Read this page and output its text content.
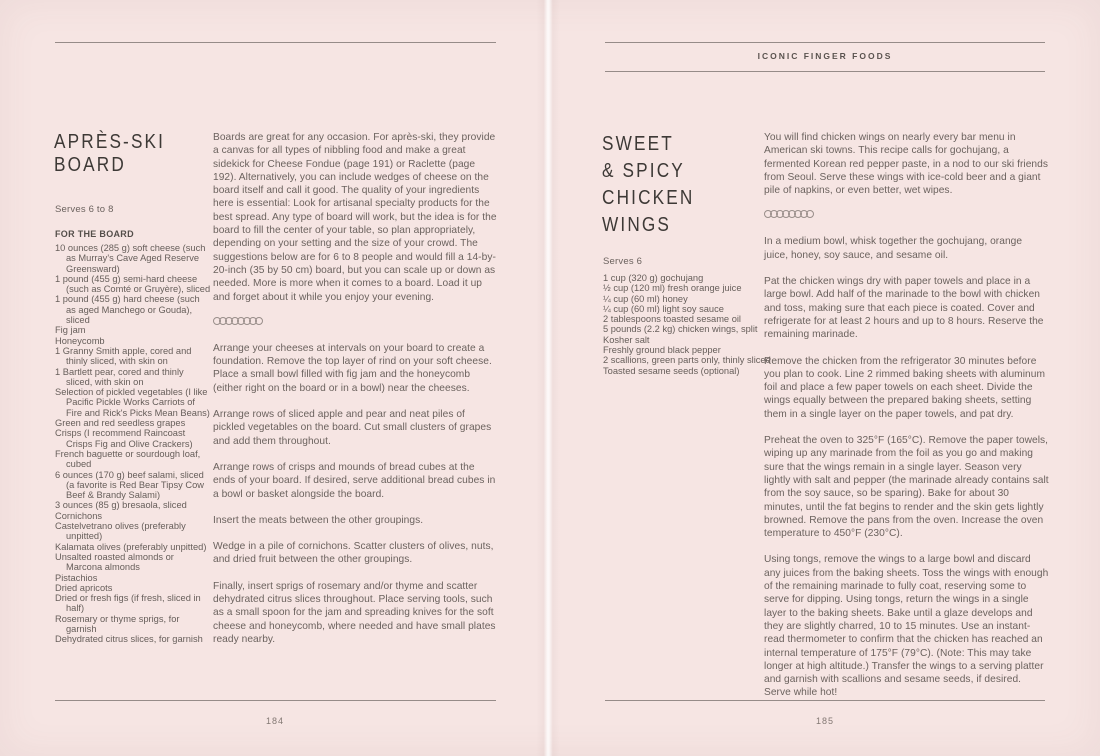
APRÈS-SKI
BOARD
Serves 6 to 8
FOR THE BOARD
10 ounces (285 g) soft cheese (such as Murray's Cave Aged Reserve Greensward)
1 pound (455 g) semi-hard cheese (such as Comté or Gruyère), sliced
1 pound (455 g) hard cheese (such as aged Manchego or Gouda), sliced
Fig jam
Honeycomb
1 Granny Smith apple, cored and thinly sliced, with skin on
1 Bartlett pear, cored and thinly sliced, with skin on
Selection of pickled vegetables (I like Pacific Pickle Works Carriots of Fire and Rick's Picks Mean Beans)
Green and red seedless grapes
Crisps (I recommend Raincoast Crisps Fig and Olive Crackers)
French baguette or sourdough loaf, cubed
6 ounces (170 g) beef salami, sliced (a favorite is Red Bear Tipsy Cow Beef & Brandy Salami)
3 ounces (85 g) bresaola, sliced
Cornichons
Castelvetrano olives (preferably unpitted)
Kalamata olives (preferably unpitted)
Unsalted roasted almonds or Marcona almonds
Pistachios
Dried apricots
Dried or fresh figs (if fresh, sliced in half)
Rosemary or thyme sprigs, for garnish
Dehydrated citrus slices, for garnish

Boards are great for any occasion. For après-ski, they provide a canvas for all types of nibbling food and make a great sidekick for Cheese Fondue (page 191) or Raclette (page 192). Alternatively, you can include wedges of cheese on the board itself and call it good. The quality of your ingredients here is essential: Look for artisanal specialty products for the best spread. Any type of board will work, but the idea is for the board to fill the center of your table, so plan appropriately, depending on your setting and the size of your crowd. The suggestions below are for 6 to 8 people and would fill a 14-by-20-inch (35 by 50 cm) board, but you can scale up or down as needed. More is more when it comes to a board. Load it up and forget about it while you enjoy your evening.

Arrange your cheeses at intervals on your board to create a foundation. Remove the top layer of rind on your soft cheese. Place a small bowl filled with fig jam and the honeycomb (either right on the board or in a bowl) near the cheeses.

Arrange rows of sliced apple and pear and neat piles of pickled vegetables on the board. Cut small clusters of grapes and add them throughout.

Arrange rows of crisps and mounds of bread cubes at the ends of your board. If desired, serve additional bread cubes in a bowl or basket alongside the board.

Insert the meats between the other groupings.

Wedge in a pile of cornichons. Scatter clusters of olives, nuts, and dried fruit between the other groupings.

Finally, insert sprigs of rosemary and/or thyme and scatter dehydrated citrus slices throughout. Place serving tools, such as a small spoon for the jam and spreading knives for the soft cheese and honeycomb, where needed and have small plates ready nearby.

184
ICONIC FINGER FOODS
SWEET
& SPICY
CHICKEN
WINGS
Serves 6
1 cup (320 g) gochujang
½ cup (120 ml) fresh orange juice
¼ cup (60 ml) honey
¼ cup (60 ml) light soy sauce
2 tablespoons toasted sesame oil
5 pounds (2.2 kg) chicken wings, split
Kosher salt
Freshly ground black pepper
2 scallions, green parts only, thinly sliced
Toasted sesame seeds (optional)

You will find chicken wings on nearly every bar menu in American ski towns. This recipe calls for gochujang, a fermented Korean red pepper paste, in a nod to our ski friends from Seoul. Serve these wings with ice-cold beer and a giant pile of napkins, or even better, wet wipes.

In a medium bowl, whisk together the gochujang, orange juice, honey, soy sauce, and sesame oil.

Pat the chicken wings dry with paper towels and place in a large bowl. Add half of the marinade to the bowl with chicken and toss, making sure that each piece is coated. Cover and refrigerate for at least 2 hours and up to 8 hours. Reserve the remaining marinade.

Remove the chicken from the refrigerator 30 minutes before you plan to cook. Line 2 rimmed baking sheets with aluminum foil and place a few paper towels on each sheet. Divide the wings equally between the prepared baking sheets, setting them in a single layer on the paper towels, and pat dry.

Preheat the oven to 325°F (165°C). Remove the paper towels, wiping up any marinade from the foil as you go and making sure that the wings remain in a single layer. Season very lightly with salt and pepper (the marinade already contains salt from the soy sauce, so be sparing). Bake for about 30 minutes, until the fat begins to render and the skin gets lightly browned. Remove the pans from the oven. Increase the oven temperature to 450°F (230°C).

Using tongs, remove the wings to a large bowl and discard any juices from the baking sheets. Toss the wings with enough of the remaining marinade to fully coat, reserving some to serve for dipping. Using tongs, return the wings in a single layer to the baking sheets. Bake until a glaze develops and they are slightly charred, 10 to 15 minutes. Use an instant-read thermometer to confirm that the chicken has reached an internal temperature of 175°F (79°C). (Note: This may take longer at high altitude.) Transfer the wings to a serving platter and garnish with scallions and sesame seeds, if desired. Serve while hot!

185
